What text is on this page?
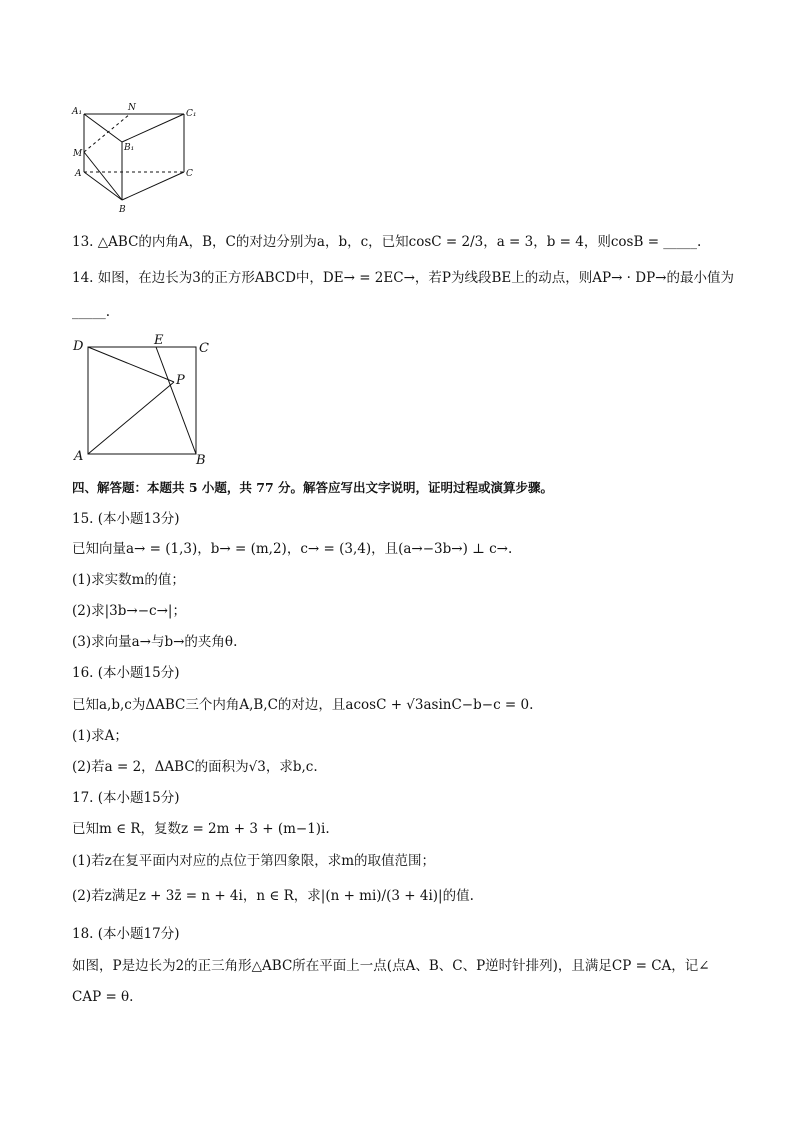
A₁	N
C₁
B₁
M
A	C
B
13. △ABC的内角A，B，C的对边分别为a，b，c，已知cosC = 2/3，a = 3，b = 4，则cosB = _____.
14. 如图，在边长为3的正方形ABCD中，DE→ = 2EC→，若P为线段BE上的动点，则AP→ · DP→的最小值为
_____.
D	E
C
P
A	B
四、解答题：本题共 5 小题，共 77 分。解答应写出文字说明，证明过程或演算步骤。
15. (本小题13分)
已知向量a→ = (1,3)，b→ = (m,2)，c→ = (3,4)，且(a→−3b→) ⊥ c→.
(1)求实数m的值；
(2)求|3b→−c→|；
(3)求向量a→与b→的夹角θ.
16. (本小题15分)
已知a,b,c为ΔABC三个内角A,B,C的对边，且acosC + √3asinC−b−c = 0.
(1)求A；
(2)若a = 2，ΔABC的面积为√3，求b,c.
17. (本小题15分)
已知m ∈ R，复数z = 2m + 3 + (m−1)i.
(1)若z在复平面内对应的点位于第四象限，求m的取值范围；
(2)若z满足z + 3z̄ = n + 4i，n ∈ R，求|(n + mi)/(3 + 4i)|的值.
18. (本小题17分)
如图，P是边长为2的正三角形△ABC所在平面上一点(点A、B、C、P逆时针排列)，且满足CP = CA，记∠
CAP = θ.
